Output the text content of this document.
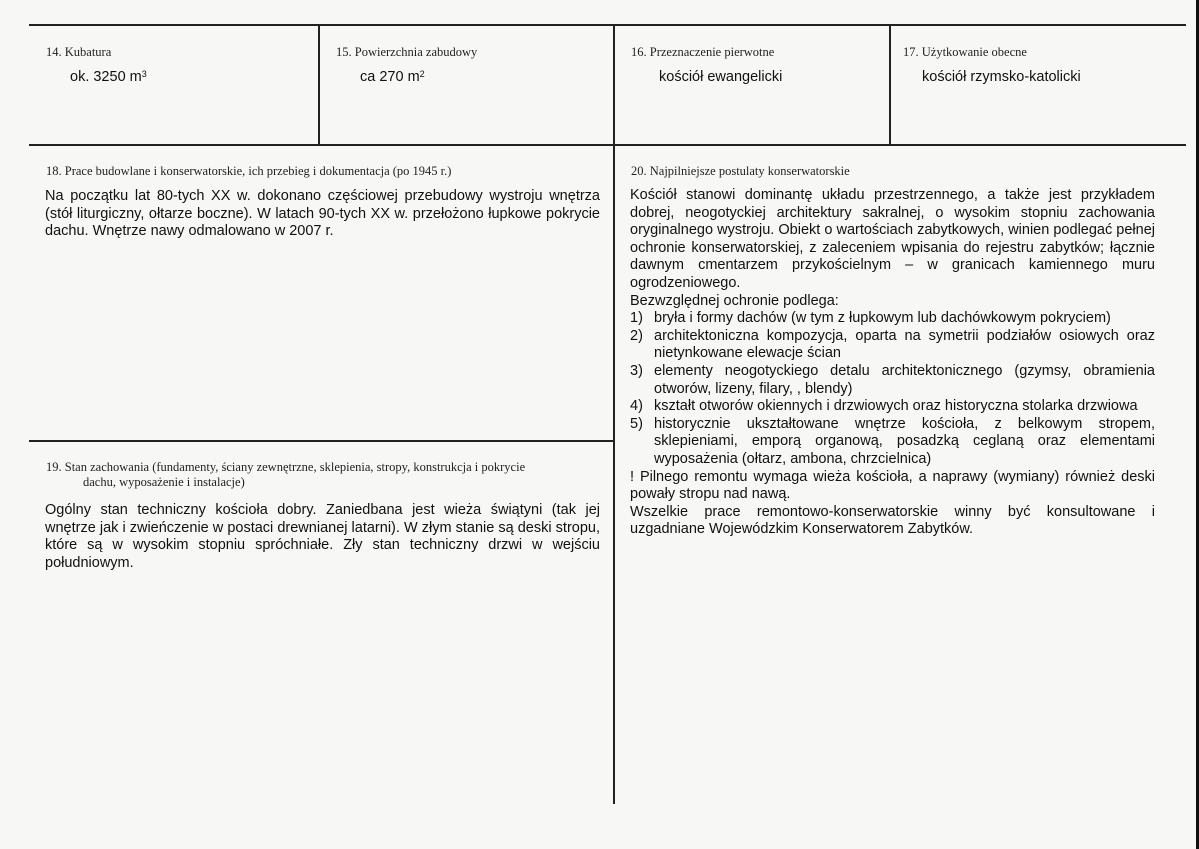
14. Kubatura
ok. 3250 $m^3$
15. Powierzchnia zabudowy
ca 270 $m^2$
16. Przeznaczenie pierwotne
kościół ewangelicki
17. Użytkowanie obecne
kościół rzymsko-katolicki
18. Prace budowlane i konserwatorskie, ich przebieg i dokumentacja (po 1945 r.)
Na początku lat 80-tych XX w. dokonano częściowej przebudowy wystroju wnętrza (stół liturgiczny, ołtarze boczne). W latach 90-tych XX w. przełożono łupkowe pokrycie dachu. Wnętrze nawy odmalowano w 2007 r.
19. Stan zachowania (fundamenty, ściany zewnętrzne, sklepienia, stropy, konstrukcja i pokrycie
dachu, wyposażenie i instalacje)
Ogólny stan techniczny kościoła dobry. Zaniedbana jest wieża świątyni (tak jej wnętrze jak i zwieńczenie w postaci drewnianej latarni). W złym stanie są deski stropu, które są w wysokim stopniu spróchniałe. Zły stan techniczny drzwi w wejściu południowym.
20. Najpilniejsze postulaty konserwatorskie

Kościół stanowi dominantę układu przestrzennego, a także jest przykładem dobrej, neogotyckiej architektury sakralnej, o wysokim stopniu zachowania oryginalnego wystroju. Obiekt o wartościach zabytkowych, winien podlegać pełnej ochronie konserwatorskiej, z zaleceniem wpisania do rejestru zabytków; łącznie dawnym cmentarzem przykościelnym – w granicach kamiennego muru ogrodzeniowego.

Bezwzględnej ochronie podlega:

1) bryła i formy dachów (w tym z łupkowym lub dachówkowym pokryciem)
2) architektoniczna kompozycja, oparta na symetrii podziałów osiowych oraz nietynkowane elewacje ścian
3) elementy neogotyckiego detalu architektonicznego (gzymsy, obramienia otworów, lizeny, filary, , blendy)
4) kształt otworów okiennych i drzwiowych oraz historyczna stolarka drzwiowa
5) historycznie ukształtowane wnętrze kościoła, z belkowym stropem, sklepieniami, emporą organową, posadzką ceglaną oraz elementami wyposażenia (ołtarz, ambona, chrzcielnica)

! Pilnego remontu wymaga wieża kościoła, a naprawy (wymiany) również deski powały stropu nad nawą.

Wszelkie prace remontowo-konserwatorskie winny być konsultowane i uzgadniane Wojewódzkim Konserwatorem Zabytków.
